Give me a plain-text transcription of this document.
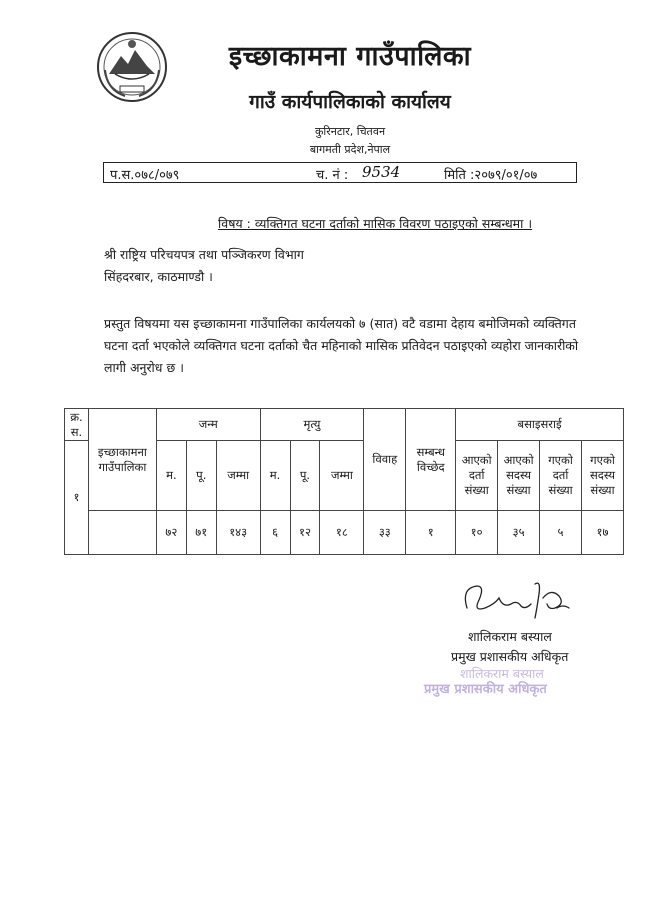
इच्छाकामना गाउँपालिका
गाउँ कार्यपालिकाको कार्यालय
कुरिनटार, चितवन
बागमती प्रदेश,नेपाल
प.स.०७८/०७९	च. नं : 9534	मिति :२०७९/०१/०७
विषय : व्यक्तिगत घटना दर्ताको मासिक विवरण पठाइएको सम्बन्धमा ।
श्री राष्ट्रिय परिचयपत्र तथा पञ्जिकरण विभाग
सिंहदरबार, काठमाण्डौ ।
प्रस्तुत विषयमा यस इच्छाकामना गाउँपालिका कार्यलयको ७ (सात) वटै वडामा देहाय बमोजिमको व्यक्तिगत घटना दर्ता भएकोले व्यक्तिगत घटना दर्ताको चैत महिनाको मासिक प्रतिवेदन पठाइएको व्यहोरा जानकारीको लागी अनुरोध छ ।
क्र. स.	इच्छाकामना गाउँपालिका	जन्म			मृत्यु			विवाह	सम्बन्ध विच्छेद	बसाइसराई			
१		म.	पू.	जम्मा	म.	पू.	जम्मा			आएको दर्ता संख्या	आएको सदस्य संख्या	गएको दर्ता संख्या	गएको सदस्य संख्या
		७२	७१	१४३	६	१२	१८	३३	१	१०	३५	५	१७
शालिकराम बस्याल
प्रमुख प्रशासकीय अधिकृत
शालिकराम बस्याल
प्रमुख प्रशासकीय अधिकृत
